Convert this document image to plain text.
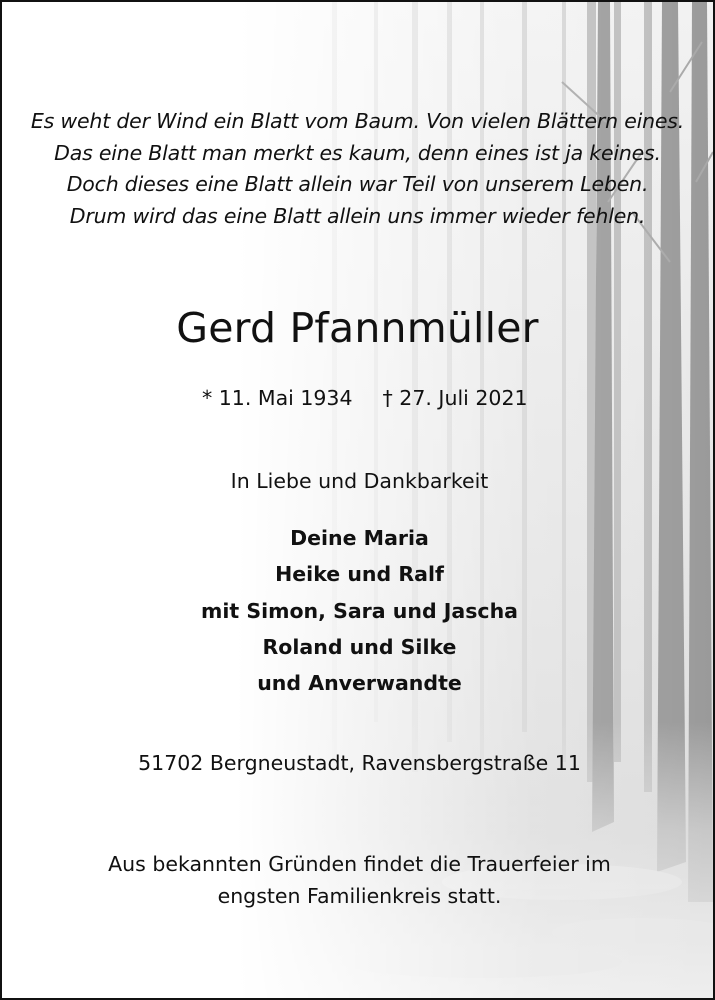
Es weht der Wind ein Blatt vom Baum. Von vielen Blättern eines.
Das eine Blatt man merkt es kaum, denn eines ist ja keines.
Doch dieses eine Blatt allein war Teil von unserem Leben.
Drum wird das eine Blatt allein uns immer wieder fehlen.
Gerd Pfannmüller
* 11. Mai 1934 † 27. Juli 2021
In Liebe und Dankbarkeit
Deine Maria
Heike und Ralf
mit Simon, Sara und Jascha
Roland und Silke
und Anverwandte
51702 Bergneustadt, Ravensbergstraße 11
Aus bekannten Gründen findet die Trauerfeier im
engsten Familienkreis statt.
